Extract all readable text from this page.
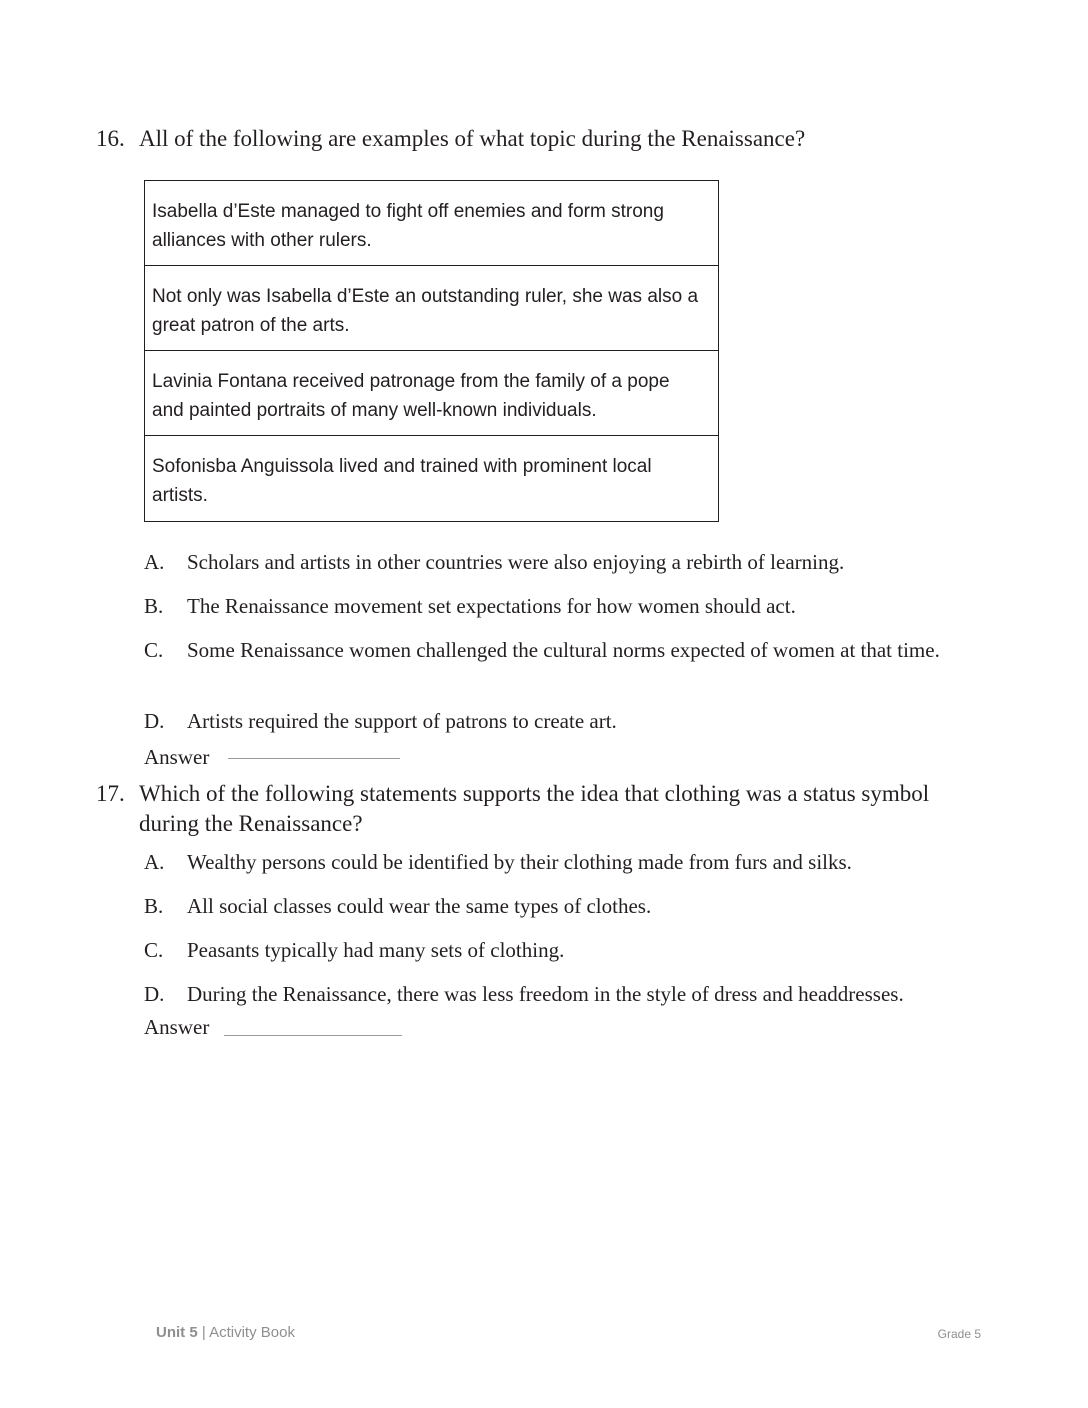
16. All of the following are examples of what topic during the Renaissance?
Isabella d’Este managed to fight off enemies and form strong alliances with other rulers.
Not only was Isabella d’Este an outstanding ruler, she was also a great patron of the arts.
Lavinia Fontana received patronage from the family of a pope and painted portraits of many well-known individuals.
Sofonisba Anguissola lived and trained with prominent local artists.
A. Scholars and artists in other countries were also enjoying a rebirth of learning.
B. The Renaissance movement set expectations for how women should act.
C. Some Renaissance women challenged the cultural norms expected of women at that time.
D. Artists required the support of patrons to create art.
Answer
17. Which of the following statements supports the idea that clothing was a status symbol during the Renaissance?
A. Wealthy persons could be identified by their clothing made from furs and silks.
B. All social classes could wear the same types of clothes.
C. Peasants typically had many sets of clothing.
D. During the Renaissance, there was less freedom in the style of dress and headdresses.
Answer
Unit 5 | Activity Book	Grade 5
